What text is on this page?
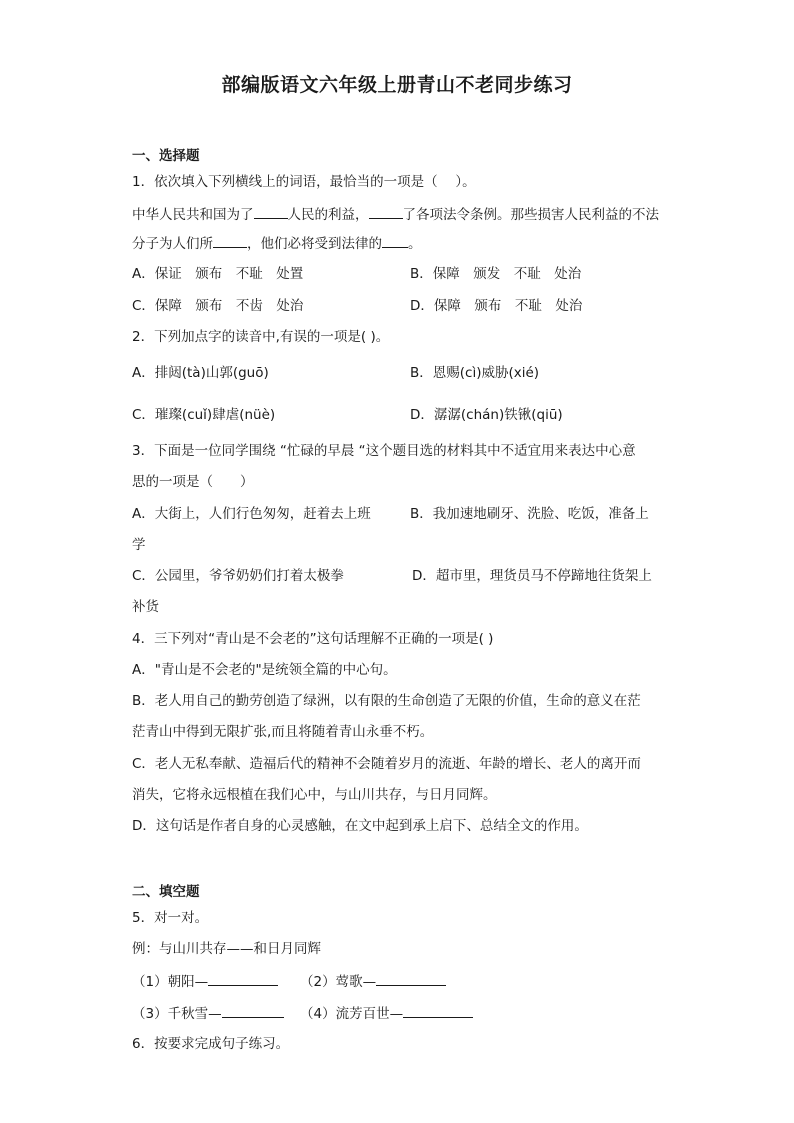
部编版语文六年级上册青山不老同步练习
一、选择题
1．依次填入下列横线上的词语，最恰当的一项是（　 ）。
中华人民共和国为了	人民的利益，	了各项法令条例。那些损害人民利益的不法
分子为人们所	，他们必将受到法律的 。
A．保证　颁布　不耻　处置	B．保障　颁发　不耻　处治
C．保障　颁布　不齿　处治	D．保障　颁布　不耻　处治
2．下列加点字的读音中,有误的一项是( )。
A．排闼(tà)山郭(guō)	B．恩赐(cì)威胁(xié)
C．璀璨(cuǐ)肆虐(nüè)	D．潺潺(chán)铁锹(qiū)
3．下面是一位同学围绕 “忙碌的早晨 “这个题目选的材料其中不适宜用来表达中心意
思的一项是（　　）
A．大街上，人们行色匆匆，赶着去上班	B．我加速地刷牙、洗脸、吃饭，准备上
学
C．公园里，爷爷奶奶们打着太极拳	D．超市里，理货员马不停蹄地往货架上
补货
4．三下列对“青山是不会老的”这句话理解不正确的一项是( )
A．"青山是不会老的"是统领全篇的中心句。
B．老人用自己的勤劳创造了绿洲，以有限的生命创造了无限的价值，生命的意义在茫
茫青山中得到无限扩张,而且将随着青山永垂不朽。
C．老人无私奉献、造福后代的精神不会随着岁月的流逝、年龄的增长、老人的离开而
消失，它将永远根植在我们心中，与山川共存，与日月同辉。
D．这句话是作者自身的心灵感触，在文中起到承上启下、总结全文的作用。
二、填空题
5．对一对。
例：与山川共存——和日月同辉
（1）朝阳—	（2）莺歌—
（3）千秋雪—	（4）流芳百世—
6．按要求完成句子练习。
